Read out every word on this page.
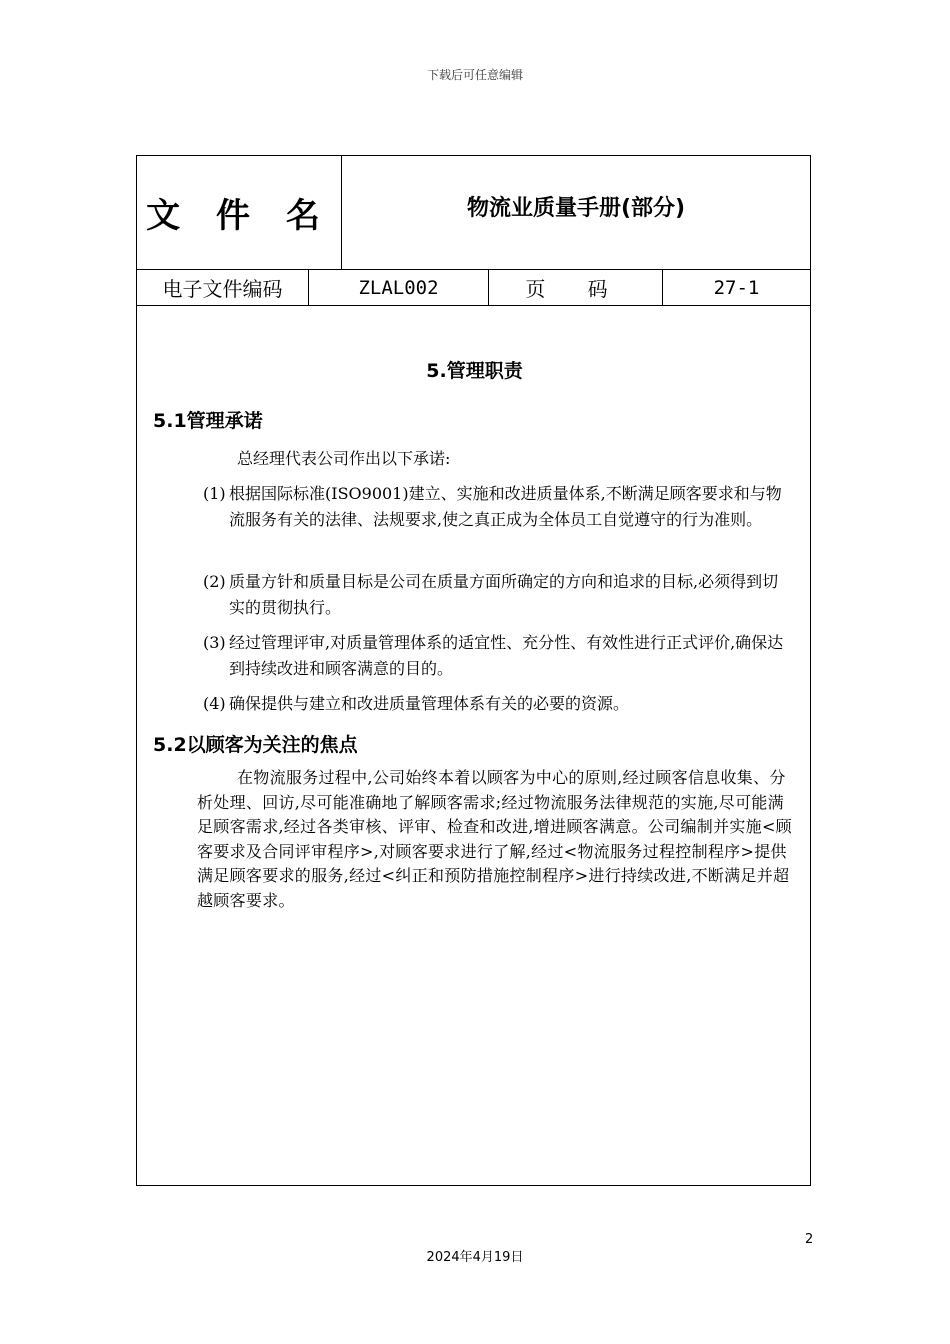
下载后可任意编辑
文 件 名	物流业质量手册(部分)
电子文件编码	ZLAL002	页 码	27-1
5.管理职责
5.1管理承诺
总经理代表公司作出以下承诺:
(1) 根据国际标准(ISO9001)建立、实施和改进质量体系,不断满足顾客要求和与物流服务有关的法律、法规要求,使之真正成为全体员工自觉遵守的行为准则。
(2) 质量方针和质量目标是公司在质量方面所确定的方向和追求的目标,必须得到切实的贯彻执行。
(3) 经过管理评审,对质量管理体系的适宜性、充分性、有效性进行正式评价,确保达到持续改进和顾客满意的目的。
(4) 确保提供与建立和改进质量管理体系有关的必要的资源。
5.2以顾客为关注的焦点
在物流服务过程中,公司始终本着以顾客为中心的原则,经过顾客信息收集、分析处理、回访,尽可能准确地了解顾客需求;经过物流服务法律规范的实施,尽可能满足顾客需求,经过各类审核、评审、检查和改进,增进顾客满意。公司编制并实施<顾客要求及合同评审程序>,对顾客要求进行了解,经过<物流服务过程控制程序>提供满足顾客要求的服务,经过<纠正和预防措施控制程序>进行持续改进,不断满足并超越顾客要求。
2
2024年4月19日
